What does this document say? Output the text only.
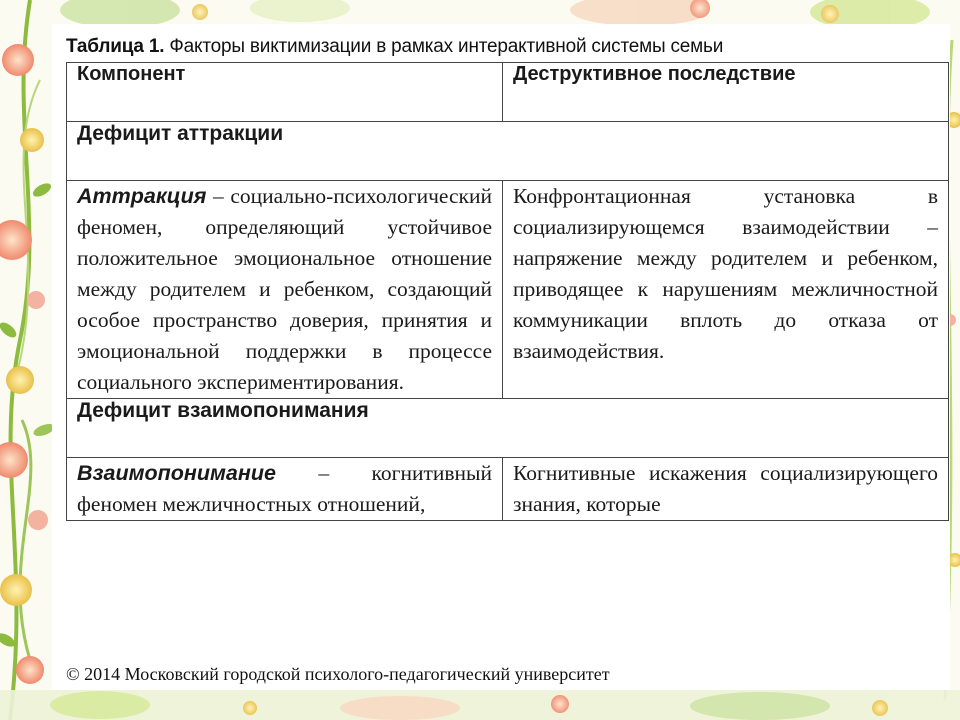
Таблица 1. Факторы виктимизации в рамках интерактивной системы семьи
Компонент	Деструктивное последствие
Дефицит аттракции	
Аттракция – социально-психологический феномен, определяющий устойчивое положительное эмоциональное отношение между родителем и ребенком, создающий особое пространство доверия, принятия и эмоциональной поддержки в процессе социального экспериментирования.	Конфронтационная установка в социализирующемся взаимодействии – напряжение между родителем и ребенком, приводящее к нарушениям межличностной коммуникации вплоть до отказа от взаимодействия.
Дефицит взаимопонимания	
Взаимопонимание – когнитивный феномен межличностных отношений,	Когнитивные искажения социализирующего знания, которые
© 2014 Московский городской психолого-педагогический университет
